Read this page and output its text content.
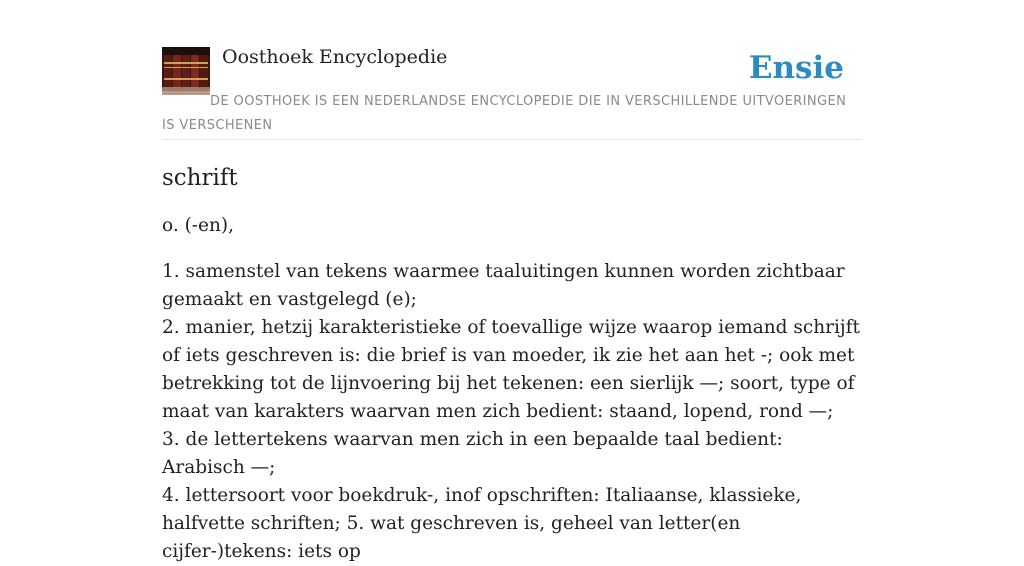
Oosthoek Encyclopedie	Ensie
DE OOSTHOEK IS EEN NEDERLANDSE ENCYCLOPEDIE DIE IN VERSCHILLENDE UITVOERINGEN IS VERSCHENEN
schrift

o. (-en),

1. samenstel van tekens waarmee taaluitingen kunnen worden zichtbaar gemaakt en vastgelegd (e);
2. manier, hetzij karakteristieke of toevallige wijze waarop iemand schrijft of iets geschreven is: die brief is van moeder, ik zie het aan het -; ook met betrekking tot de lijnvoering bij het tekenen: een sierlijk —; soort, type of maat van karakters waarvan men zich bedient: staand, lopend, rond —;
3. de lettertekens waarvan men zich in een bepaalde taal bedient: Arabisch —;
4. lettersoort voor boekdruk-, inof opschriften: Italiaanse, klassieke, halfvette schriften; 5. wat geschreven is, geheel van letter(en cijfer-)tekens: iets op
